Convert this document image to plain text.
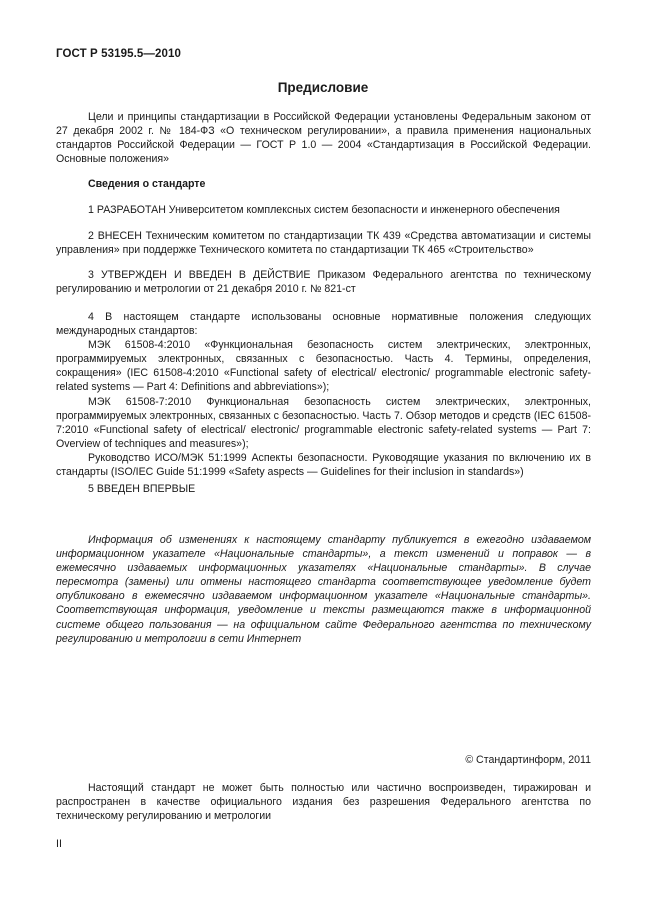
ГОСТ Р 53195.5—2010
Предисловие

Цели и принципы стандартизации в Российской Федерации установлены Федеральным законом от 27 декабря 2002 г. № 184-ФЗ «О техническом регулировании», а правила применения национальных стандартов Российской Федерации — ГОСТ Р 1.0 — 2004 «Стандартизация в Российской Федерации. Основные положения»

Сведения о стандарте

1 РАЗРАБОТАН Университетом комплексных систем безопасности и инженерного обеспечения

2 ВНЕСЕН Техническим комитетом по стандартизации ТК 439 «Средства автоматизации и системы управления» при поддержке Технического комитета по стандартизации ТК 465 «Строительство»

3 УТВЕРЖДЕН И ВВЕДЕН В ДЕЙСТВИЕ Приказом Федерального агентства по техническому регулированию и метрологии от 21 декабря 2010 г. № 821-ст

4 В настоящем стандарте использованы основные нормативные положения следующих международных стандартов:

МЭК 61508-4:2010 «Функциональная безопасность систем электрических, электронных, программируемых электронных, связанных с безопасностью. Часть 4. Термины, определения, сокращения» (IEC 61508-4:2010 «Functional safety of electrical/ electronic/ programmable electronic safety-related systems — Part 4: Definitions and abbreviations»);

МЭК 61508-7:2010 Функциональная безопасность систем электрических, электронных, программируемых электронных, связанных с безопасностью. Часть 7. Обзор методов и средств (IEC 61508-7:2010 «Functional safety of electrical/ electronic/ programmable electronic safety-related systems — Part 7: Overview of techniques and measures»);

Руководство ИСО/МЭК 51:1999 Аспекты безопасности. Руководящие указания по включению их в стандарты (ISO/IEC Guide 51:1999 «Safety aspects — Guidelines for their inclusion in standards»)

5 ВВЕДЕН ВПЕРВЫЕ

Информация об изменениях к настоящему стандарту публикуется в ежегодно издаваемом информационном указателе «Национальные стандарты», а текст изменений и поправок — в ежемесячно издаваемых информационных указателях «Национальные стандарты». В случае пересмотра (замены) или отмены настоящего стандарта соответствующее уведомление будет опубликовано в ежемесячно издаваемом информационном указателе «Национальные стандарты». Соответствующая информация, уведомление и тексты размещаются также в информационной системе общего пользования — на официальном сайте Федерального агентства по техническому регулированию и метрологии в сети Интернет

© Стандартинформ, 2011

Настоящий стандарт не может быть полностью или частично воспроизведен, тиражирован и распространен в качестве официального издания без разрешения Федерального агентства по техническому регулированию и метрологии

II
